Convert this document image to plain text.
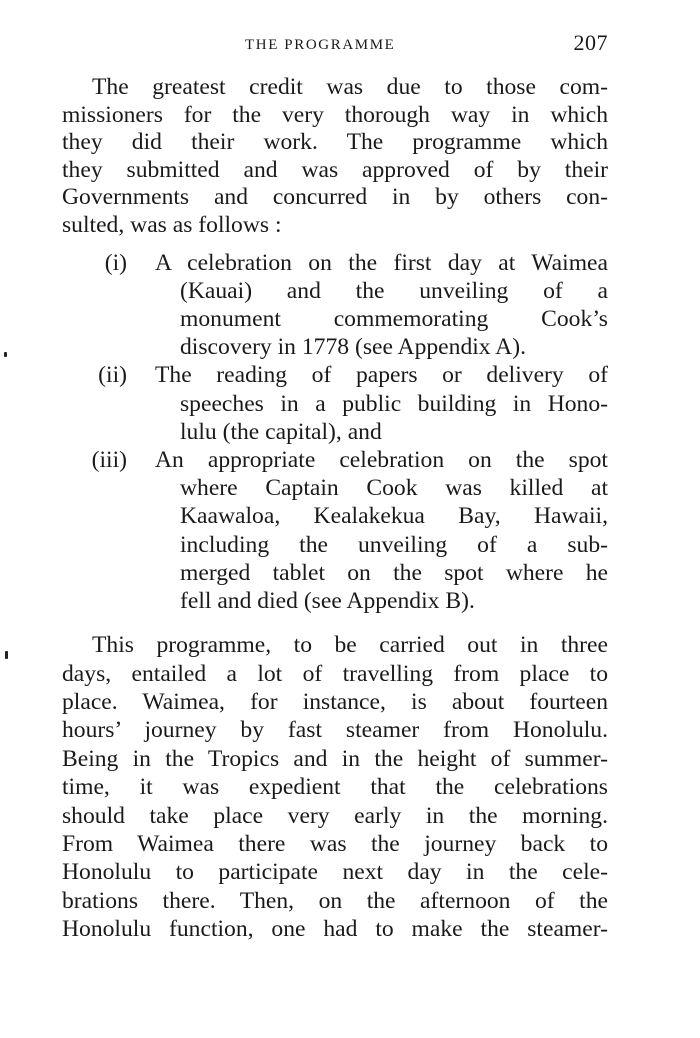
THE PROGRAMME	207

The greatest credit was due to those com-
missioners for the very thorough way in which
they did their work. The programme which
they submitted and was approved of by their
Governments and concurred in by others con-
sulted, was as follows :

(i) A celebration on the first day at Waimea
(Kauai) and the unveiling of a
monument commemorating Cook’s
discovery in 1778 (see Appendix A).
(ii) The reading of papers or delivery of
speeches in a public building in Hono-
lulu (the capital), and
(iii) An appropriate celebration on the spot
where Captain Cook was killed at
Kaawaloa, Kealakekua Bay, Hawaii,
including the unveiling of a sub-
merged tablet on the spot where he
fell and died (see Appendix B).

This programme, to be carried out in three
days, entailed a lot of travelling from place to
place. Waimea, for instance, is about fourteen
hours’ journey by fast steamer from Honolulu.
Being in the Tropics and in the height of summer-
time, it was expedient that the celebrations
should take place very early in the morning.
From Waimea there was the journey back to
Honolulu to participate next day in the cele-
brations there. Then, on the afternoon of the
Honolulu function, one had to make the steamer-
